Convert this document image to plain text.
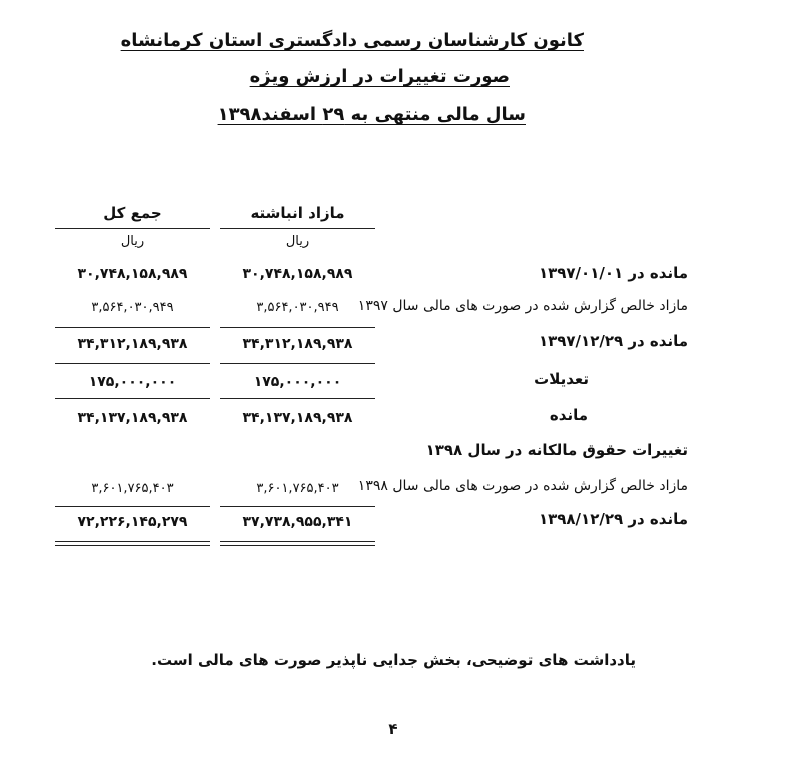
کانون کارشناسان رسمی دادگستری استان کرمانشاه
صورت تغییرات در ارزش ویژه
سال مالی منتهی به ۲۹ اسفند۱۳۹۸
مازاد انباشته
جمع کل
ریال
ریال
مانده در ۱۳۹۷/۰۱/۰۱
۳۰,۷۴۸,۱۵۸,۹۸۹
۳۰,۷۴۸,۱۵۸,۹۸۹
مازاد خالص گزارش شده در صورت های مالی سال ۱۳۹۷
۳,۵۶۴,۰۳۰,۹۴۹
۳,۵۶۴,۰۳۰,۹۴۹
مانده در ۱۳۹۷/۱۲/۲۹
۳۴,۳۱۲,۱۸۹,۹۳۸
۳۴,۳۱۲,۱۸۹,۹۳۸
تعدیلات
۱۷۵,۰۰۰,۰۰۰
۱۷۵,۰۰۰,۰۰۰
مانده
۳۴,۱۳۷,۱۸۹,۹۳۸
۳۴,۱۳۷,۱۸۹,۹۳۸
تغییرات حقوق مالکانه در سال ۱۳۹۸
مازاد خالص گزارش شده در صورت های مالی سال ۱۳۹۸
۳,۶۰۱,۷۶۵,۴۰۳
۳,۶۰۱,۷۶۵,۴۰۳
مانده در ۱۳۹۸/۱۲/۲۹
۳۷,۷۳۸,۹۵۵,۳۴۱
۷۲,۲۲۶,۱۴۵,۲۷۹
یادداشت های توضیحی، بخش جدایی ناپذیر صورت های مالی است.
۴
